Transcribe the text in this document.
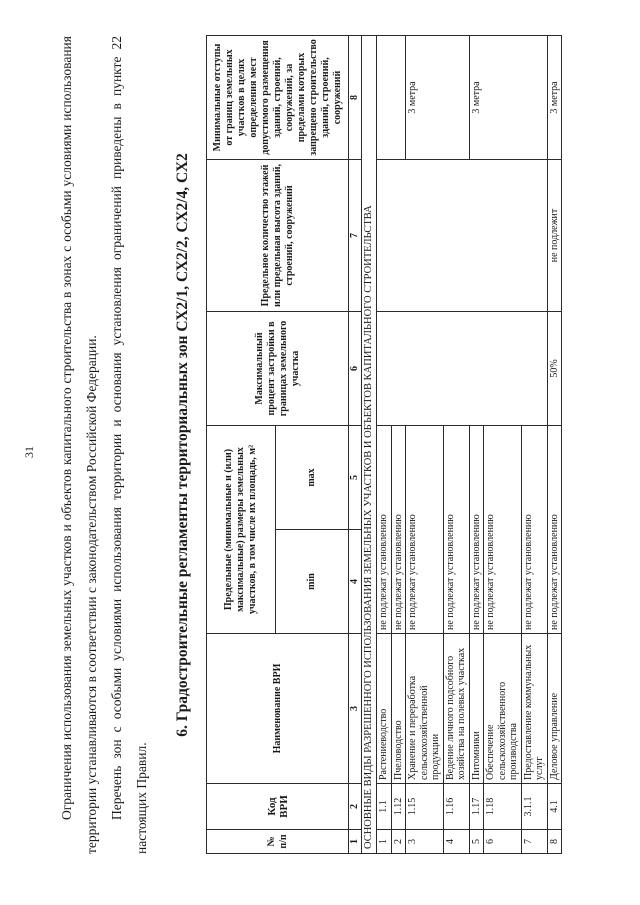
31	Ограничения использования земельных участков и объектов капитального строительства в зонах с особыми условиями использования территории устанавливаются в соответствии с законодательством Российской Федерации. Перечень зон с особыми условиями использования территории и основания установления ограничений приведены в пункте 22 настоящих Правил.

6. Градостроительные регламенты территориальных зон СХ2/1, СХ2/2, СХ2/4, СХ2
№ п/п	Код ВРИ	Наименование ВРИ	Предельные (минимальные и (или) максимальные) размеры земельных участков, в том числе их площадь, м²		Максимальный процент застройки в границах земельного участка	Предельное количество этажей или предельная высота зданий, строений, сооружений	Минимальные отступы от границ земельных участков в целях определения мест допустимого размещения зданий, строений, сооружений, за пределами которых запрещено строительство зданий, строений, сооружений
			min	max			
1	2	3	4	5	6	7	8
ОСНОВНЫЕ ВИДЫ РАЗРЕШЕННОГО ИСПОЛЬЗОВАНИЯ ЗЕМЕЛЬНЫХ УЧАСТКОВ И ОБЪЕКТОВ КАПИТАЛЬНОГО СТРОИТЕЛЬСТВА							
1	1.1	Растениеводство	не подлежат установлению				
2	1.12	Пчеловодство	не подлежат установлению				
3	1.15	Хранение и переработка сельскохозяйственной продукции	не подлежат установлению				3 метра
4	1.16	Ведение личного подсобного хозяйства на полевых участках	не подлежат установлению				
5	1.17	Питомники	не подлежат установлению				3 метра
6	1.18	Обеспечение сельскохозяйственного производства	не подлежат установлению				
7	3.1.1	Предоставление коммунальных услуг	не подлежат установлению				
8	4.1	Деловое управление	не подлежат установлению		50%	не подлежит	3 метра
